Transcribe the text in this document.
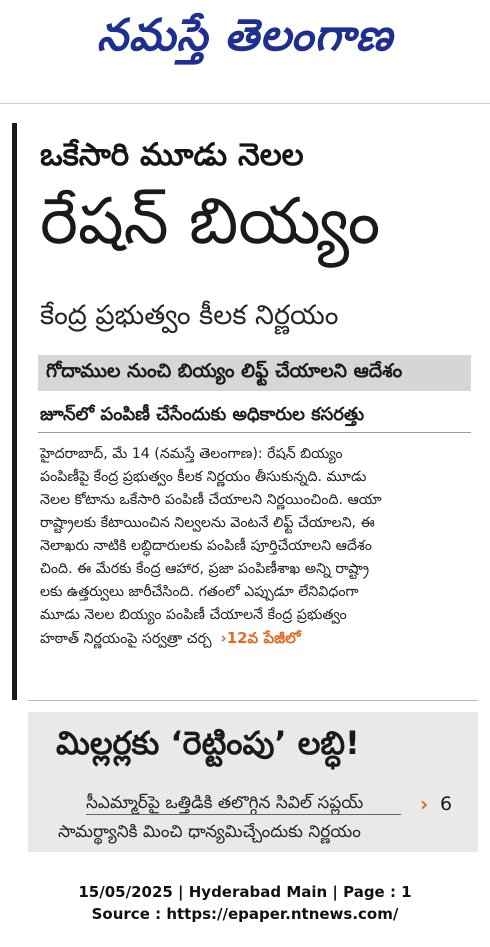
నమస్తే తెలంగాణ
ఒకేసారి మూడు నెలల
రేషన్ బియ్యం
కేంద్ర ప్రభుత్వం కీలక నిర్ణయం
గోదాముల నుంచి బియ్యం లిఫ్ట్ చేయాలని ఆదేశం
జూన్‌లో పంపిణీ చేసేందుకు అధికారుల కసరత్తు

హైదరాబాద్, మే 14 (నమస్తే తెలంగాణ): రేషన్ బియ్యం

పంపిణీపై కేంద్ర ప్రభుత్వం కీలక నిర్ణయం తీసుకున్నది. మూడు

నెలల కోటాను ఒకేసారి పంపిణీ చేయాలని నిర్ణయించింది. ఆయా

రాష్ట్రాలకు కేటాయించిన నిల్వలను వెంటనే లిఫ్ట్ చేయాలని, ఈ

నెలాఖరు నాటికి లబ్ధిదారులకు పంపిణీ పూర్తిచేయాలని ఆదేశం

చింది. ఈ మేరకు కేంద్ర ఆహార, ప్రజా పంపిణీశాఖ అన్ని రాష్ట్రా

లకు ఉత్తర్వులు జారీచేసింది. గతంలో ఎప్పుడూ లేనివిధంగా

మూడు నెలల బియ్యం పంపిణీ చేయాలనే కేంద్ర ప్రభుత్వం

హఠాత్ నిర్ణయంపై సర్వత్రా చర్చ ›12వ పేజీలో

మిల్లర్లకు ‘రెట్టింపు’ లబ్ధి!
సీఎమ్మార్‌పై ఒత్తిడికి తలొగ్గిన సివిల్ సప్లయ్	› 6
సామర్థ్యానికి మించి ధాన్యమిచ్చేందుకు నిర్ణయం
15/05/2025 | Hyderabad Main | Page : 1
Source : https://epaper.ntnews.com/
